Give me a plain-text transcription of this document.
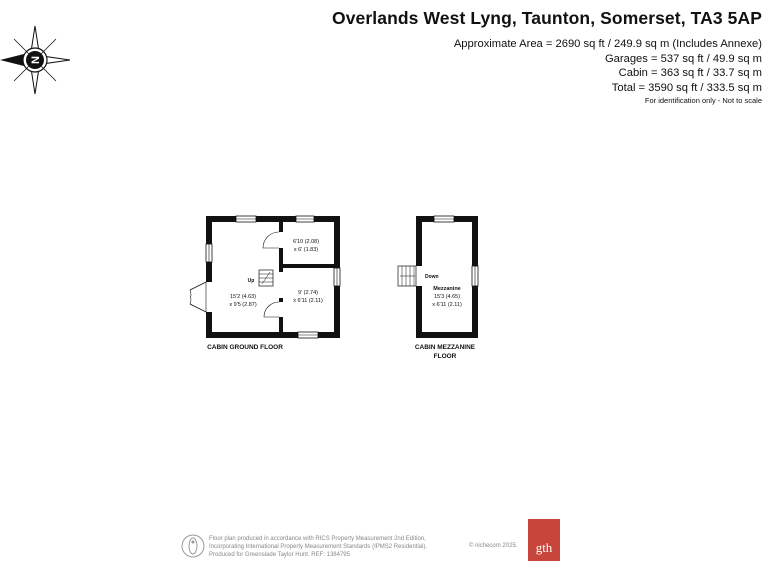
Overlands West Lyng, Taunton, Somerset, TA3 5AP
Approximate Area = 2690 sq ft / 249.9 sq m (Includes Annexe)
Garages = 537 sq ft / 49.9 sq m
Cabin = 363 sq ft / 33.7 sq m
Total = 3590 sq ft / 333.5 sq m
For identification only - Not to scale
N
Up
6'10 (2.08)
x 6' (1.83)
15'2 (4.63)
x 9'5 (2.87)
9' (2.74)
x 6'11 (2.11)
CABIN GROUND FLOOR
Down
Mezzanine
15'3 (4.65)
x 6'11 (2.11)
CABIN MEZZANINE
FLOOR
Floor plan produced in accordance with RICS Property Measurement 2nd Edition,
Incorporating International Property Measurement Standards (IPMS2 Residential).
Produced for Greenslade Taylor Hunt. REF: 1384795
© nichecom 2025.	gth
